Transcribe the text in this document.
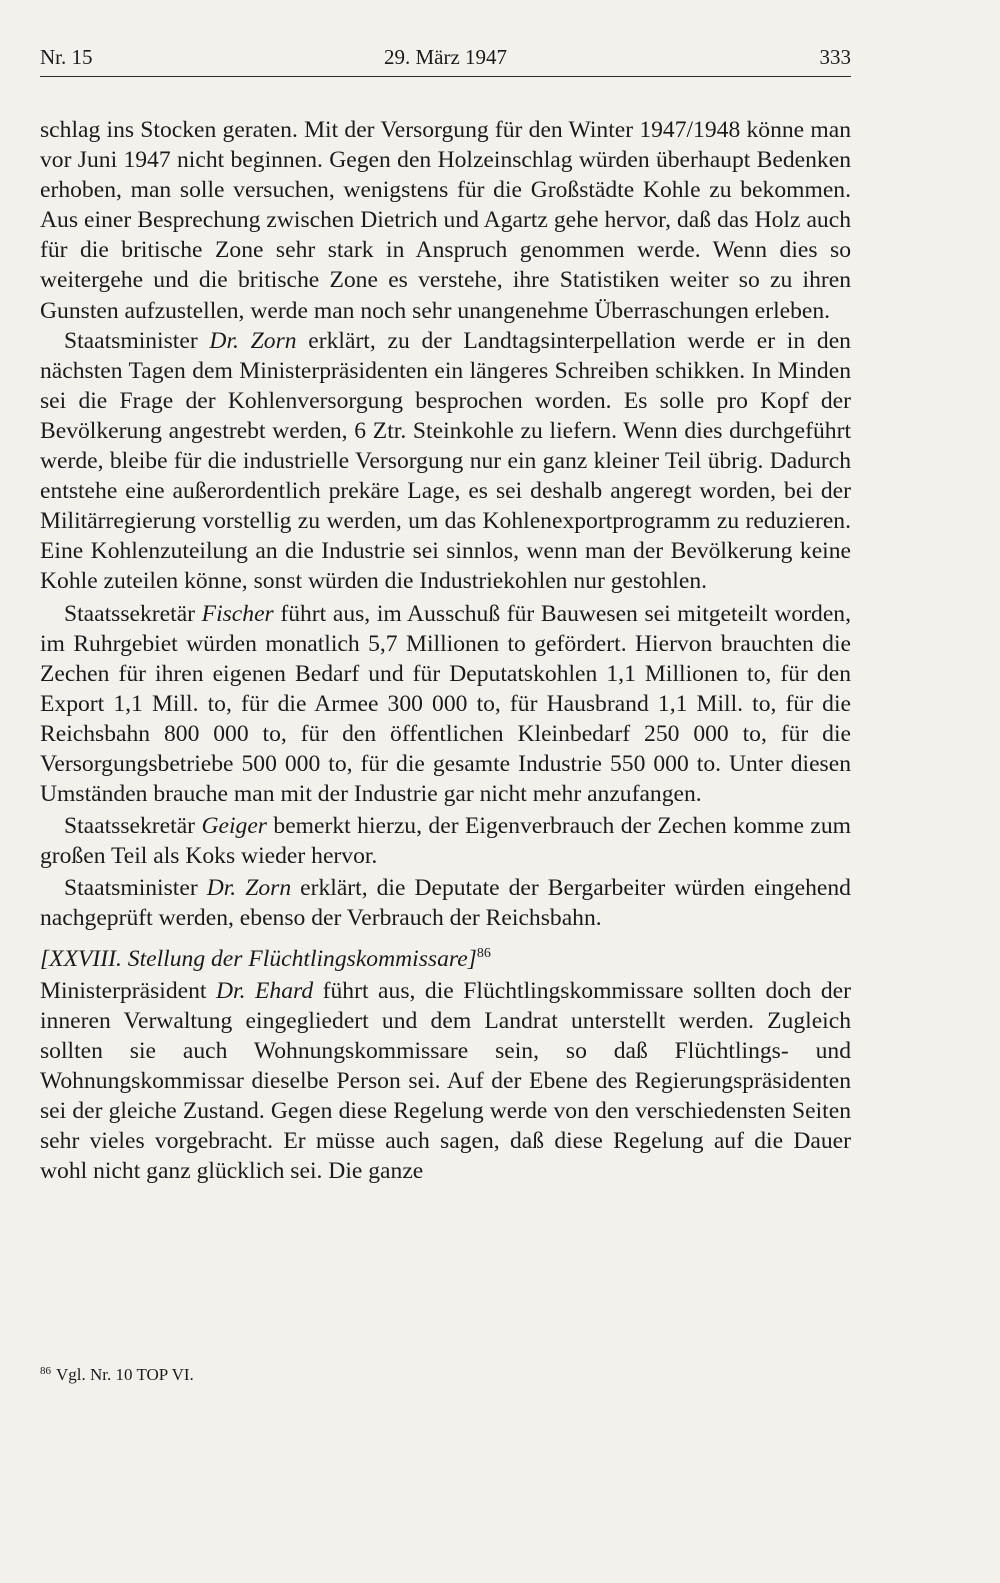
Nr. 15	29. März 1947	333

schlag ins Stocken geraten. Mit der Versorgung für den Winter 1947/1948 könne man vor Juni 1947 nicht beginnen. Gegen den Holzeinschlag würden überhaupt Bedenken erhoben, man solle versuchen, wenigstens für die Großstädte Kohle zu bekommen. Aus einer Besprechung zwischen Dietrich und Agartz gehe hervor, daß das Holz auch für die britische Zone sehr stark in Anspruch genommen werde. Wenn dies so weitergehe und die britische Zone es verstehe, ihre Statistiken weiter so zu ihren Gunsten aufzustellen, werde man noch sehr unangenehme Überraschungen erleben.

Staatsminister Dr. Zorn erklärt, zu der Landtagsinterpellation werde er in den nächsten Tagen dem Ministerpräsidenten ein längeres Schreiben schikken. In Minden sei die Frage der Kohlenversorgung besprochen worden. Es solle pro Kopf der Bevölkerung angestrebt werden, 6 Ztr. Steinkohle zu liefern. Wenn dies durchgeführt werde, bleibe für die industrielle Versorgung nur ein ganz kleiner Teil übrig. Dadurch entstehe eine außerordentlich prekäre Lage, es sei deshalb angeregt worden, bei der Militärregierung vorstellig zu werden, um das Kohlenexportprogramm zu reduzieren. Eine Kohlenzuteilung an die Industrie sei sinnlos, wenn man der Bevölkerung keine Kohle zuteilen könne, sonst würden die Industriekohlen nur gestohlen.

Staatssekretär Fischer führt aus, im Ausschuß für Bauwesen sei mitgeteilt worden, im Ruhrgebiet würden monatlich 5,7 Millionen to gefördert. Hiervon brauchten die Zechen für ihren eigenen Bedarf und für Deputatskohlen 1,1 Millionen to, für den Export 1,1 Mill. to, für die Armee 300 000 to, für Hausbrand 1,1 Mill. to, für die Reichsbahn 800 000 to, für den öffentlichen Kleinbedarf 250 000 to, für die Versorgungsbetriebe 500 000 to, für die gesamte Industrie 550 000 to. Unter diesen Umständen brauche man mit der Industrie gar nicht mehr anzufangen.

Staatssekretär Geiger bemerkt hierzu, der Eigenverbrauch der Zechen komme zum großen Teil als Koks wieder hervor.

Staatsminister Dr. Zorn erklärt, die Deputate der Bergarbeiter würden eingehend nachgeprüft werden, ebenso der Verbrauch der Reichsbahn.

[XXVIII. Stellung der Flüchtlingskommissare]$^{86}$

Ministerpräsident Dr. Ehard führt aus, die Flüchtlingskommissare sollten doch der inneren Verwaltung eingegliedert und dem Landrat unterstellt werden. Zugleich sollten sie auch Wohnungskommissare sein, so daß Flüchtlings- und Wohnungskommissar dieselbe Person sei. Auf der Ebene des Regierungspräsidenten sei der gleiche Zustand. Gegen diese Regelung werde von den verschiedensten Seiten sehr vieles vorgebracht. Er müsse auch sagen, daß diese Regelung auf die Dauer wohl nicht ganz glücklich sei. Die ganze

$^{86}$ Vgl. Nr. 10 TOP VI.
